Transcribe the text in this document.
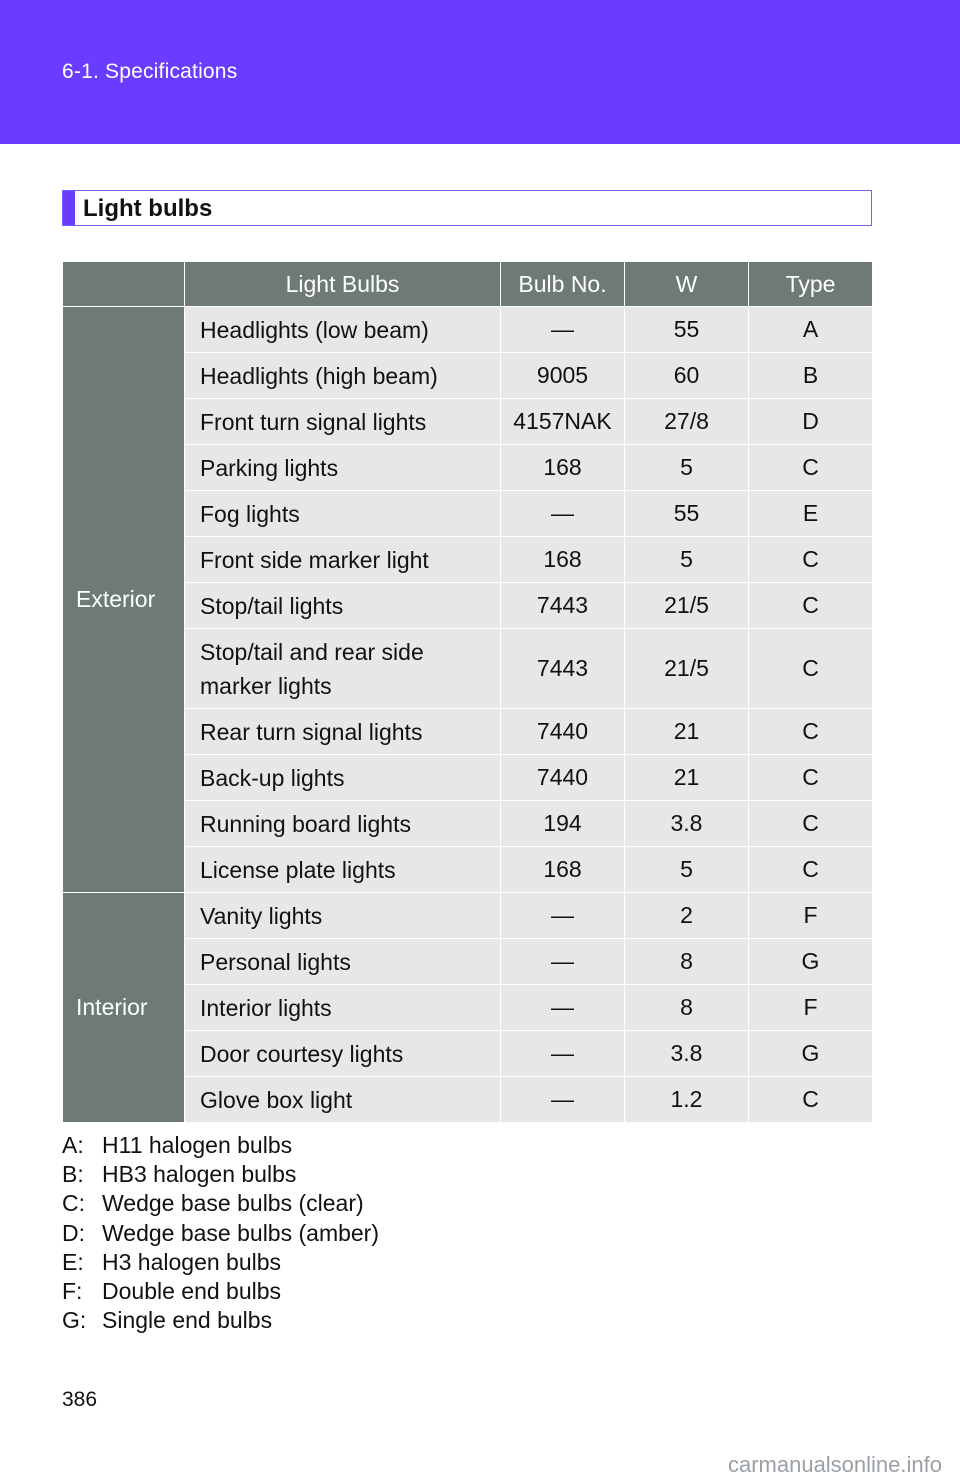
6-1. Specifications
Light bulbs
	Light Bulbs	Bulb No.	W	Type
Exterior	Headlights (low beam)	—	55	A
	Headlights (high beam)	9005	60	B
	Front turn signal lights	4157NAK	27/8	D
	Parking lights	168	5	C
	Fog lights	—	55	E
	Front side marker light	168	5	C
	Stop/tail lights	7443	21/5	C
	Stop/tail and rear side marker lights	7443	21/5	C
	Rear turn signal lights	7440	21	C
	Back-up lights	7440	21	C
	Running board lights	194	3.8	C
	License plate lights	168	5	C
Interior	Vanity lights	—	2	F
	Personal lights	—	8	G
	Interior lights	—	8	F
	Door courtesy lights	—	3.8	G
	Glove box light	—	1.2	C
A: H11 halogen bulbs
B: HB3 halogen bulbs
C: Wedge base bulbs (clear)
D: Wedge base bulbs (amber)
E: H3 halogen bulbs
F: Double end bulbs
G: Single end bulbs
386
carmanualsonline.info
